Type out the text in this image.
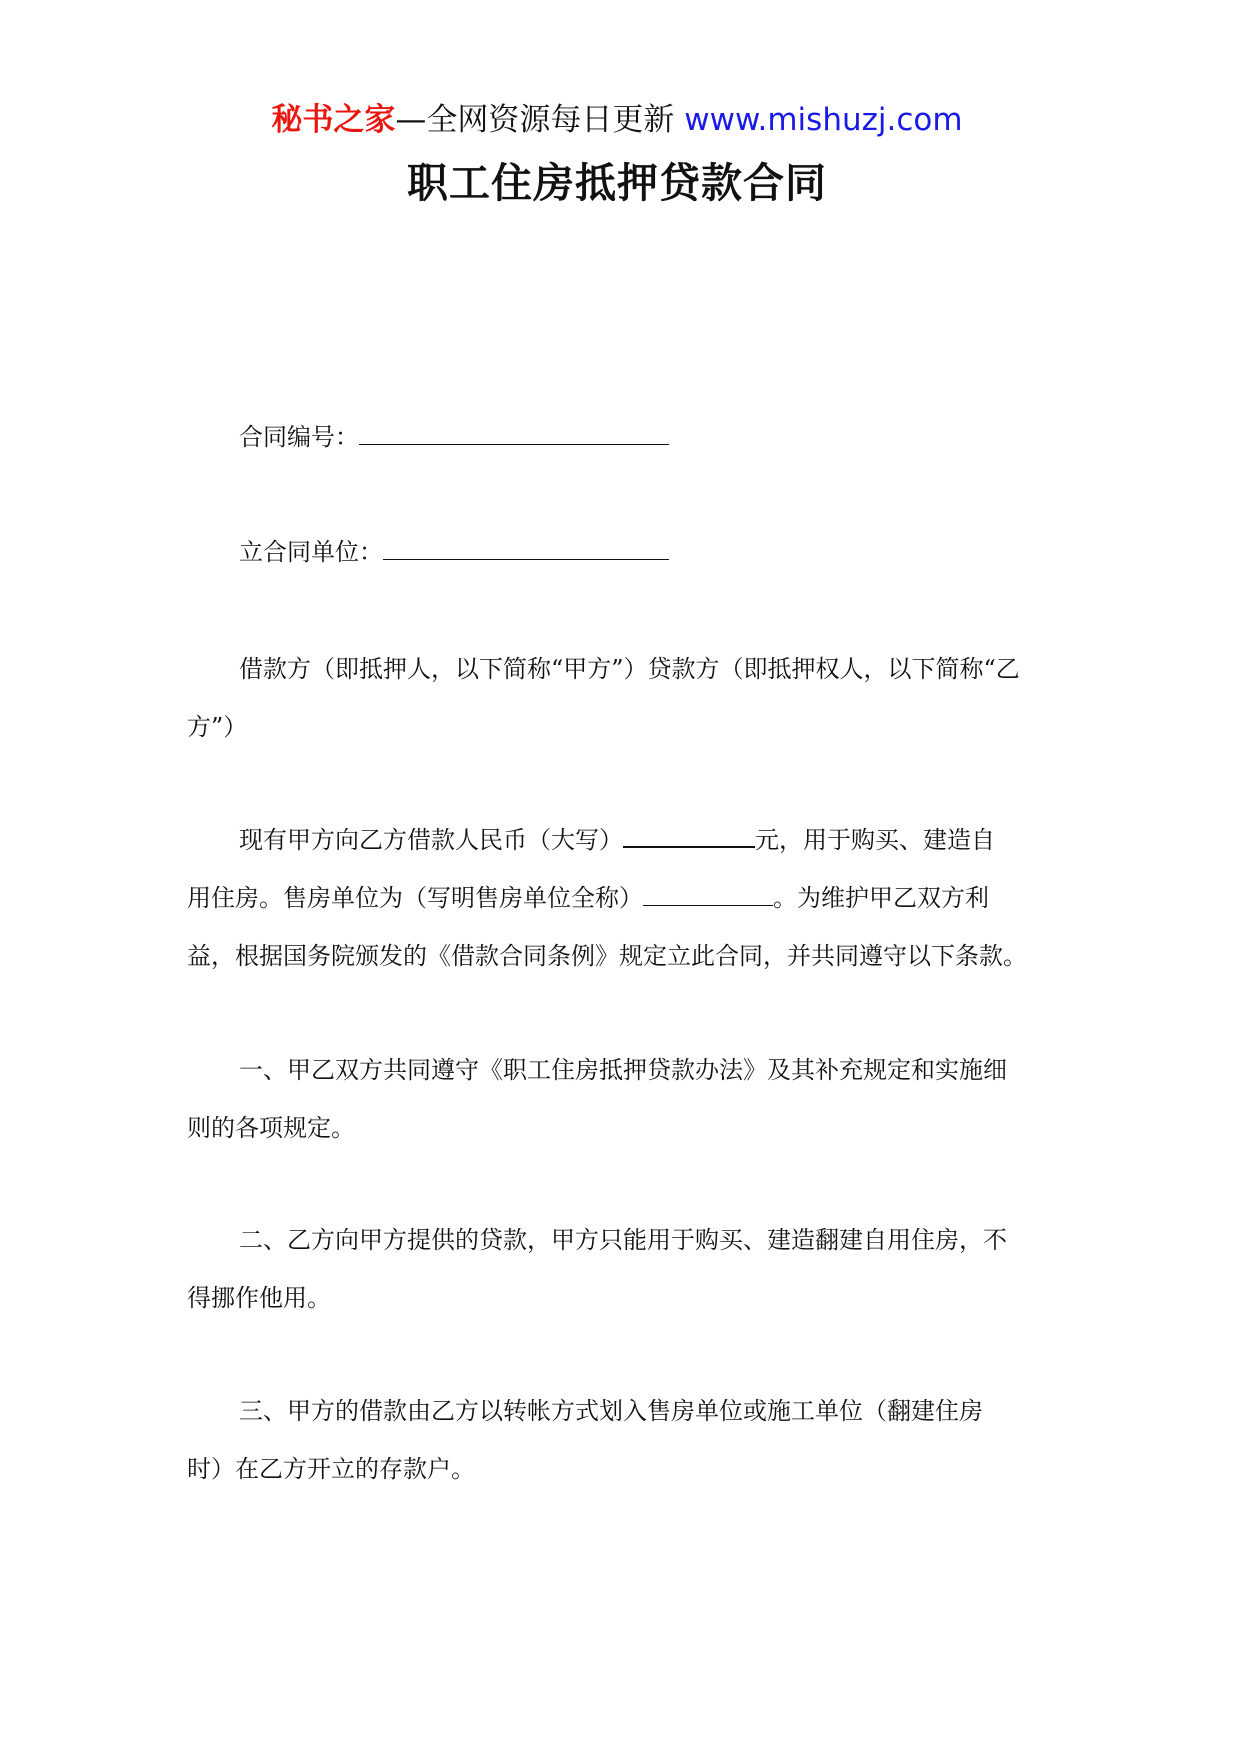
秘书之家—全网资源每日更新 www.mishuzj.com
职工住房抵押贷款合同
合同编号：
立合同单位：
借款方（即抵押人，以下简称“甲方”）贷款方（即抵押权人，以下简称“乙
方”）
现有甲方向乙方借款人民币（大写）	元，用于购买、建造自
用住房。售房单位为（写明售房单位全称）	。为维护甲乙双方利
益，根据国务院颁发的《借款合同条例》规定立此合同，并共同遵守以下条款。
一、甲乙双方共同遵守《职工住房抵押贷款办法》及其补充规定和实施细
则的各项规定。
二、乙方向甲方提供的贷款，甲方只能用于购买、建造翻建自用住房，不
得挪作他用。
三、甲方的借款由乙方以转帐方式划入售房单位或施工单位（翻建住房
时）在乙方开立的存款户。
